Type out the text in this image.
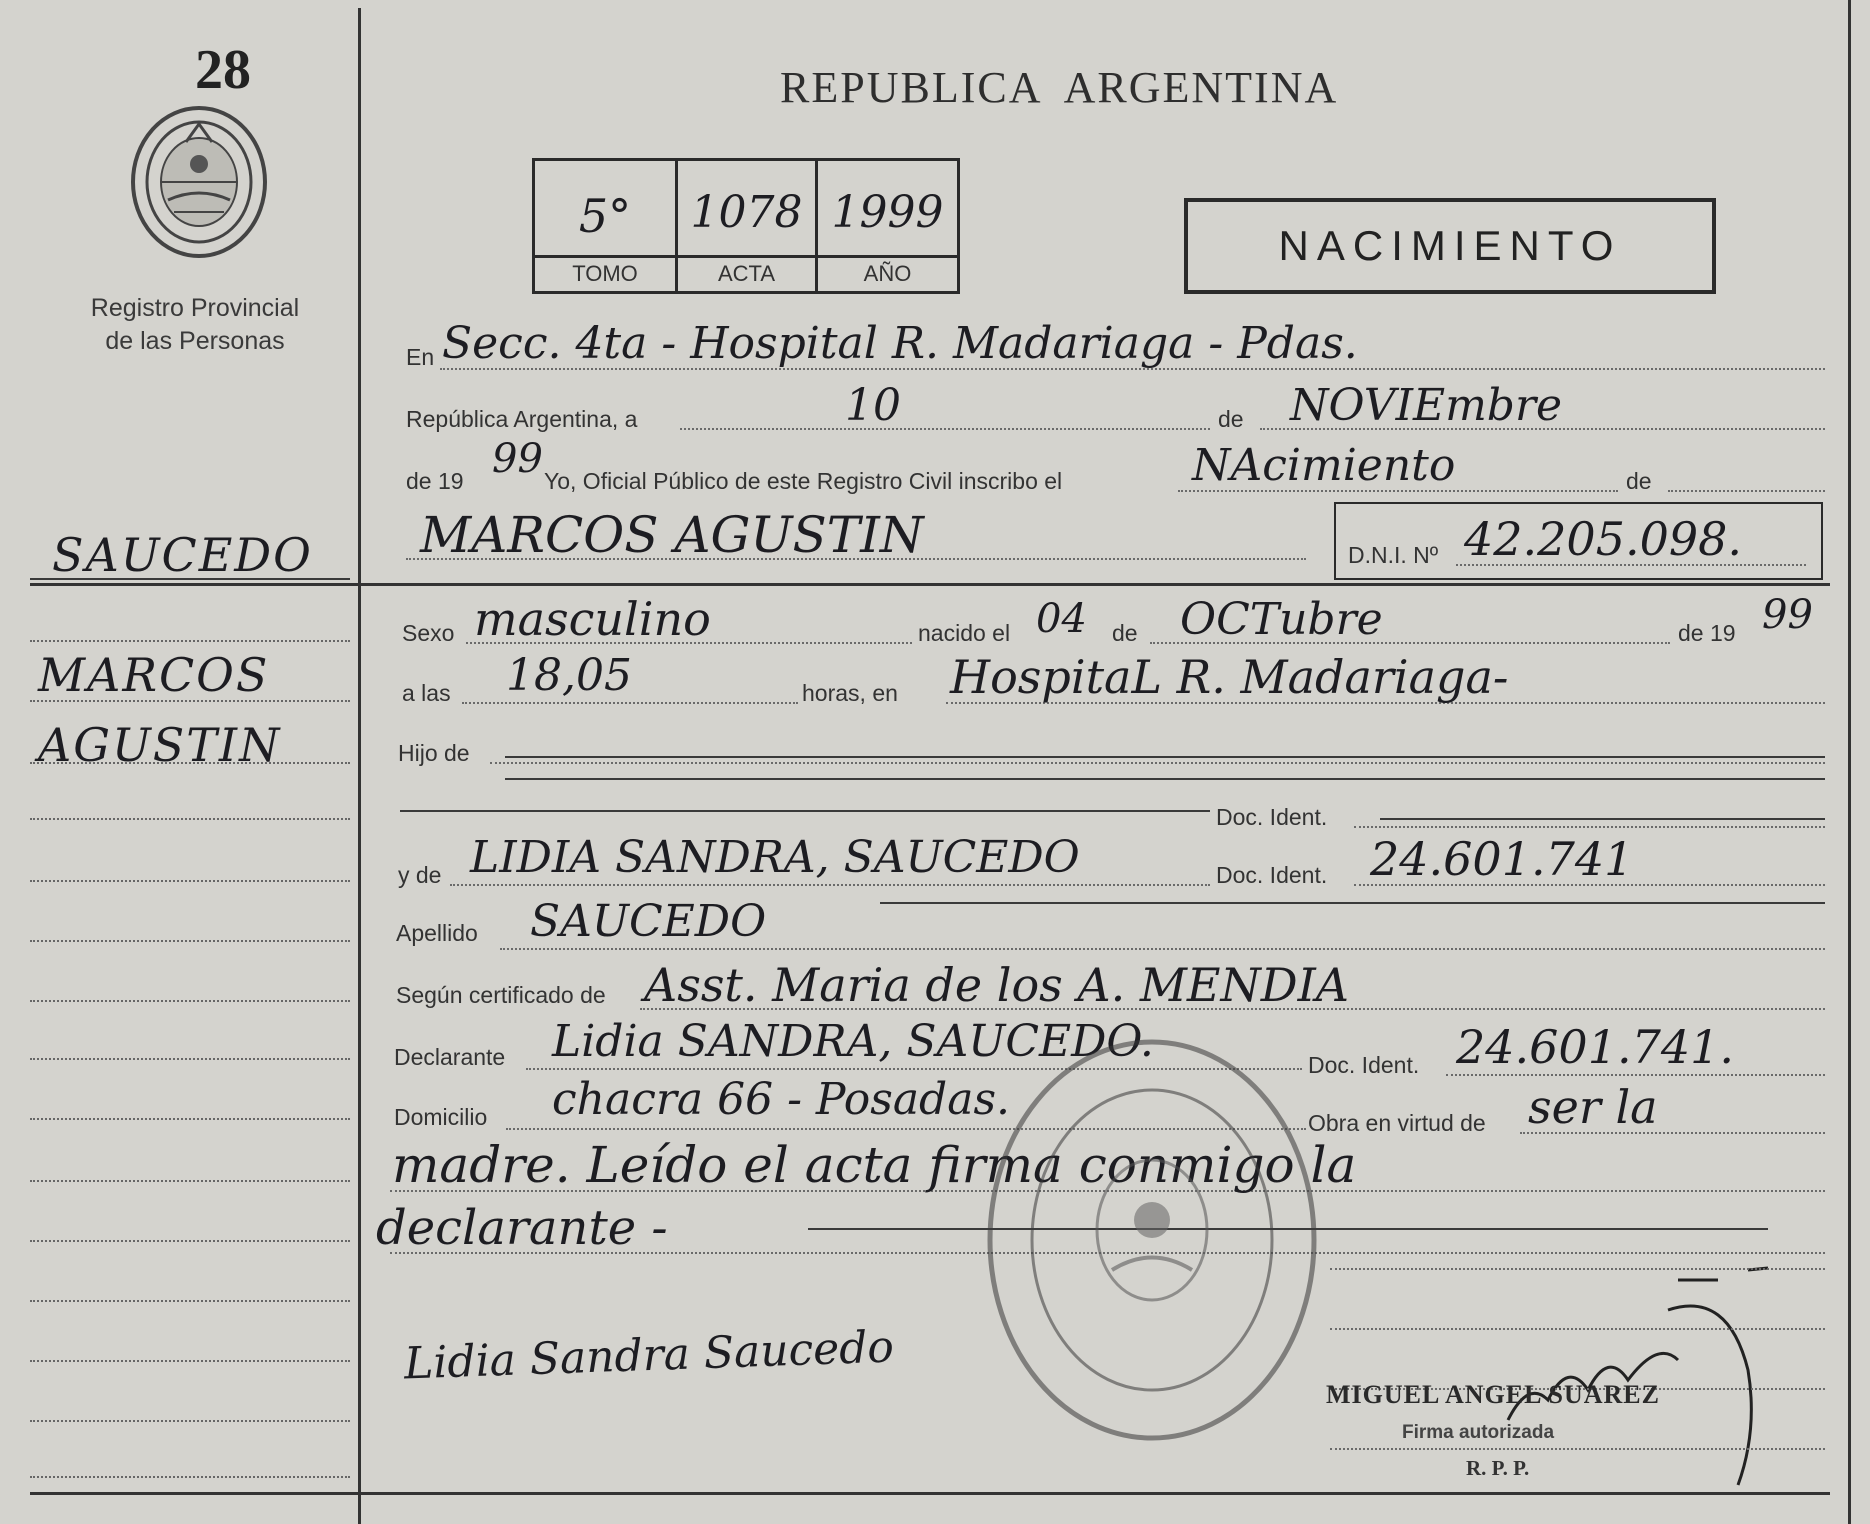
28
Registro Provincial
de las Personas
SAUCEDO
MARCOS
AGUSTIN
REPUBLICA  ARGENTINA
5°	1078 1999
TOMO	ACTA	AÑO
NACIMIENTO
En Secc. 4ta - Hospital R. Madariaga - Pdas.
República Argentina, a	10	de NOVIEmbre
de 19 99 Yo, Oficial Público de este Registro Civil inscribo el	NAcimiento	de
MARCOS AGUSTIN	D.N.I. Nº 42.205.098.
Sexo masculino	nacido el 04 de OCTubre	de 19 99
a las 18,05	horas, en HospitaL R. Madariaga-
Hijo de
Doc. Ident.
y de LIDIA SANDRA, SAUCEDO	Doc. Ident. 24.601.741
Apellido SAUCEDO
Según certificado de Asst. Maria de los A. MENDIA
Declarante Lidia SANDRA, SAUCEDO.	Doc. Ident. 24.601.741.
Domicilio chacra 66 - Posadas.	Obra en virtud de ser la
madre. Leído el acta firma conmigo la
declarante -
Lidia Sandra Saucedo
MIGUEL ANGEL SUAREZ
Firma autorizada
R. P. P.
